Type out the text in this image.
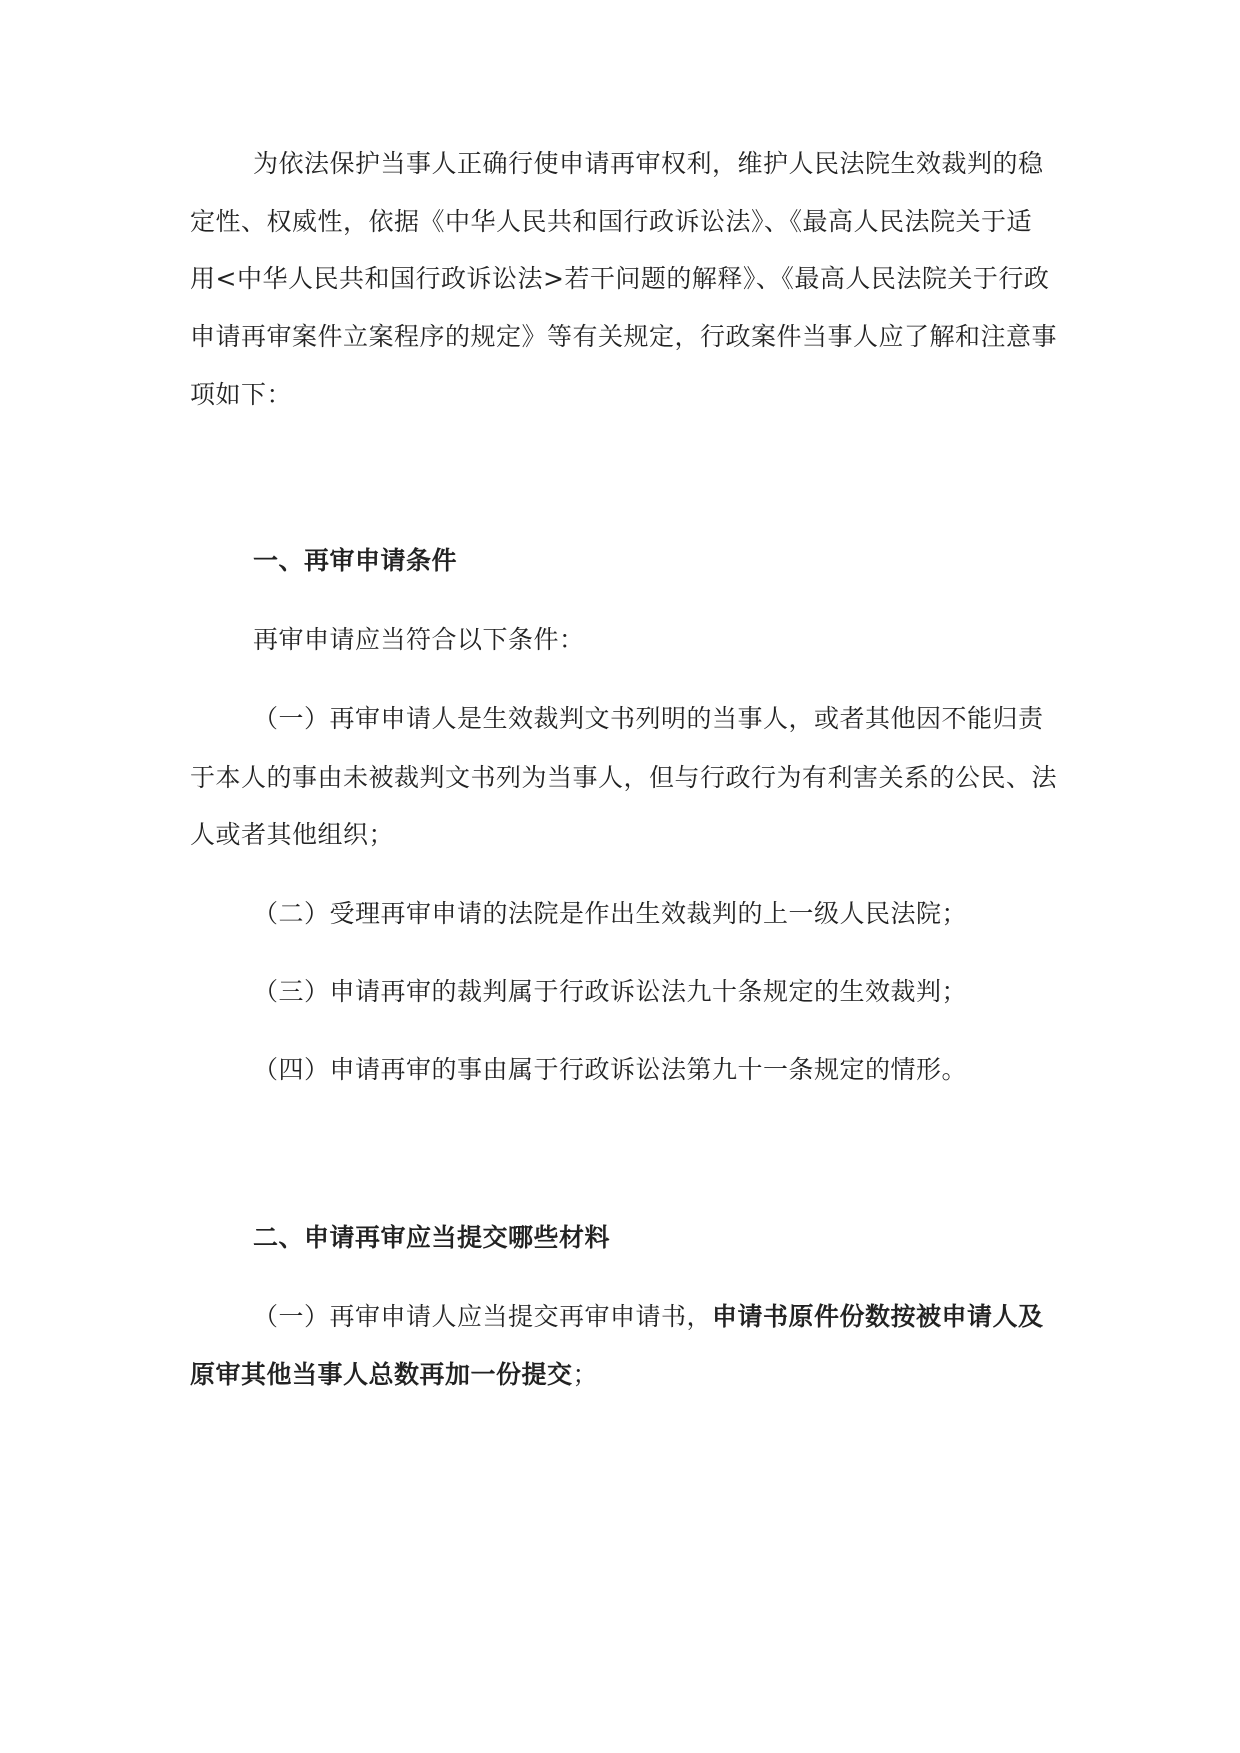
为依法保护当事人正确行使申请再审权利，维护人民法院生效裁判的稳
定性、权威性，依据《中华人民共和国行政诉讼法》、《最高人民法院关于适
用<中华人民共和国行政诉讼法>若干问题的解释》、《最高人民法院关于行政
申请再审案件立案程序的规定》等有关规定，行政案件当事人应了解和注意事
项如下：
一、再审申请条件
再审申请应当符合以下条件：
（一）再审申请人是生效裁判文书列明的当事人，或者其他因不能归责
于本人的事由未被裁判文书列为当事人，但与行政行为有利害关系的公民、法
人或者其他组织；
（二）受理再审申请的法院是作出生效裁判的上一级人民法院；
（三）申请再审的裁判属于行政诉讼法九十条规定的生效裁判；
（四）申请再审的事由属于行政诉讼法第九十一条规定的情形。
二、申请再审应当提交哪些材料
（一）再审申请人应当提交再审申请书，申请书原件份数按被申请人及
原审其他当事人总数再加一份提交；
